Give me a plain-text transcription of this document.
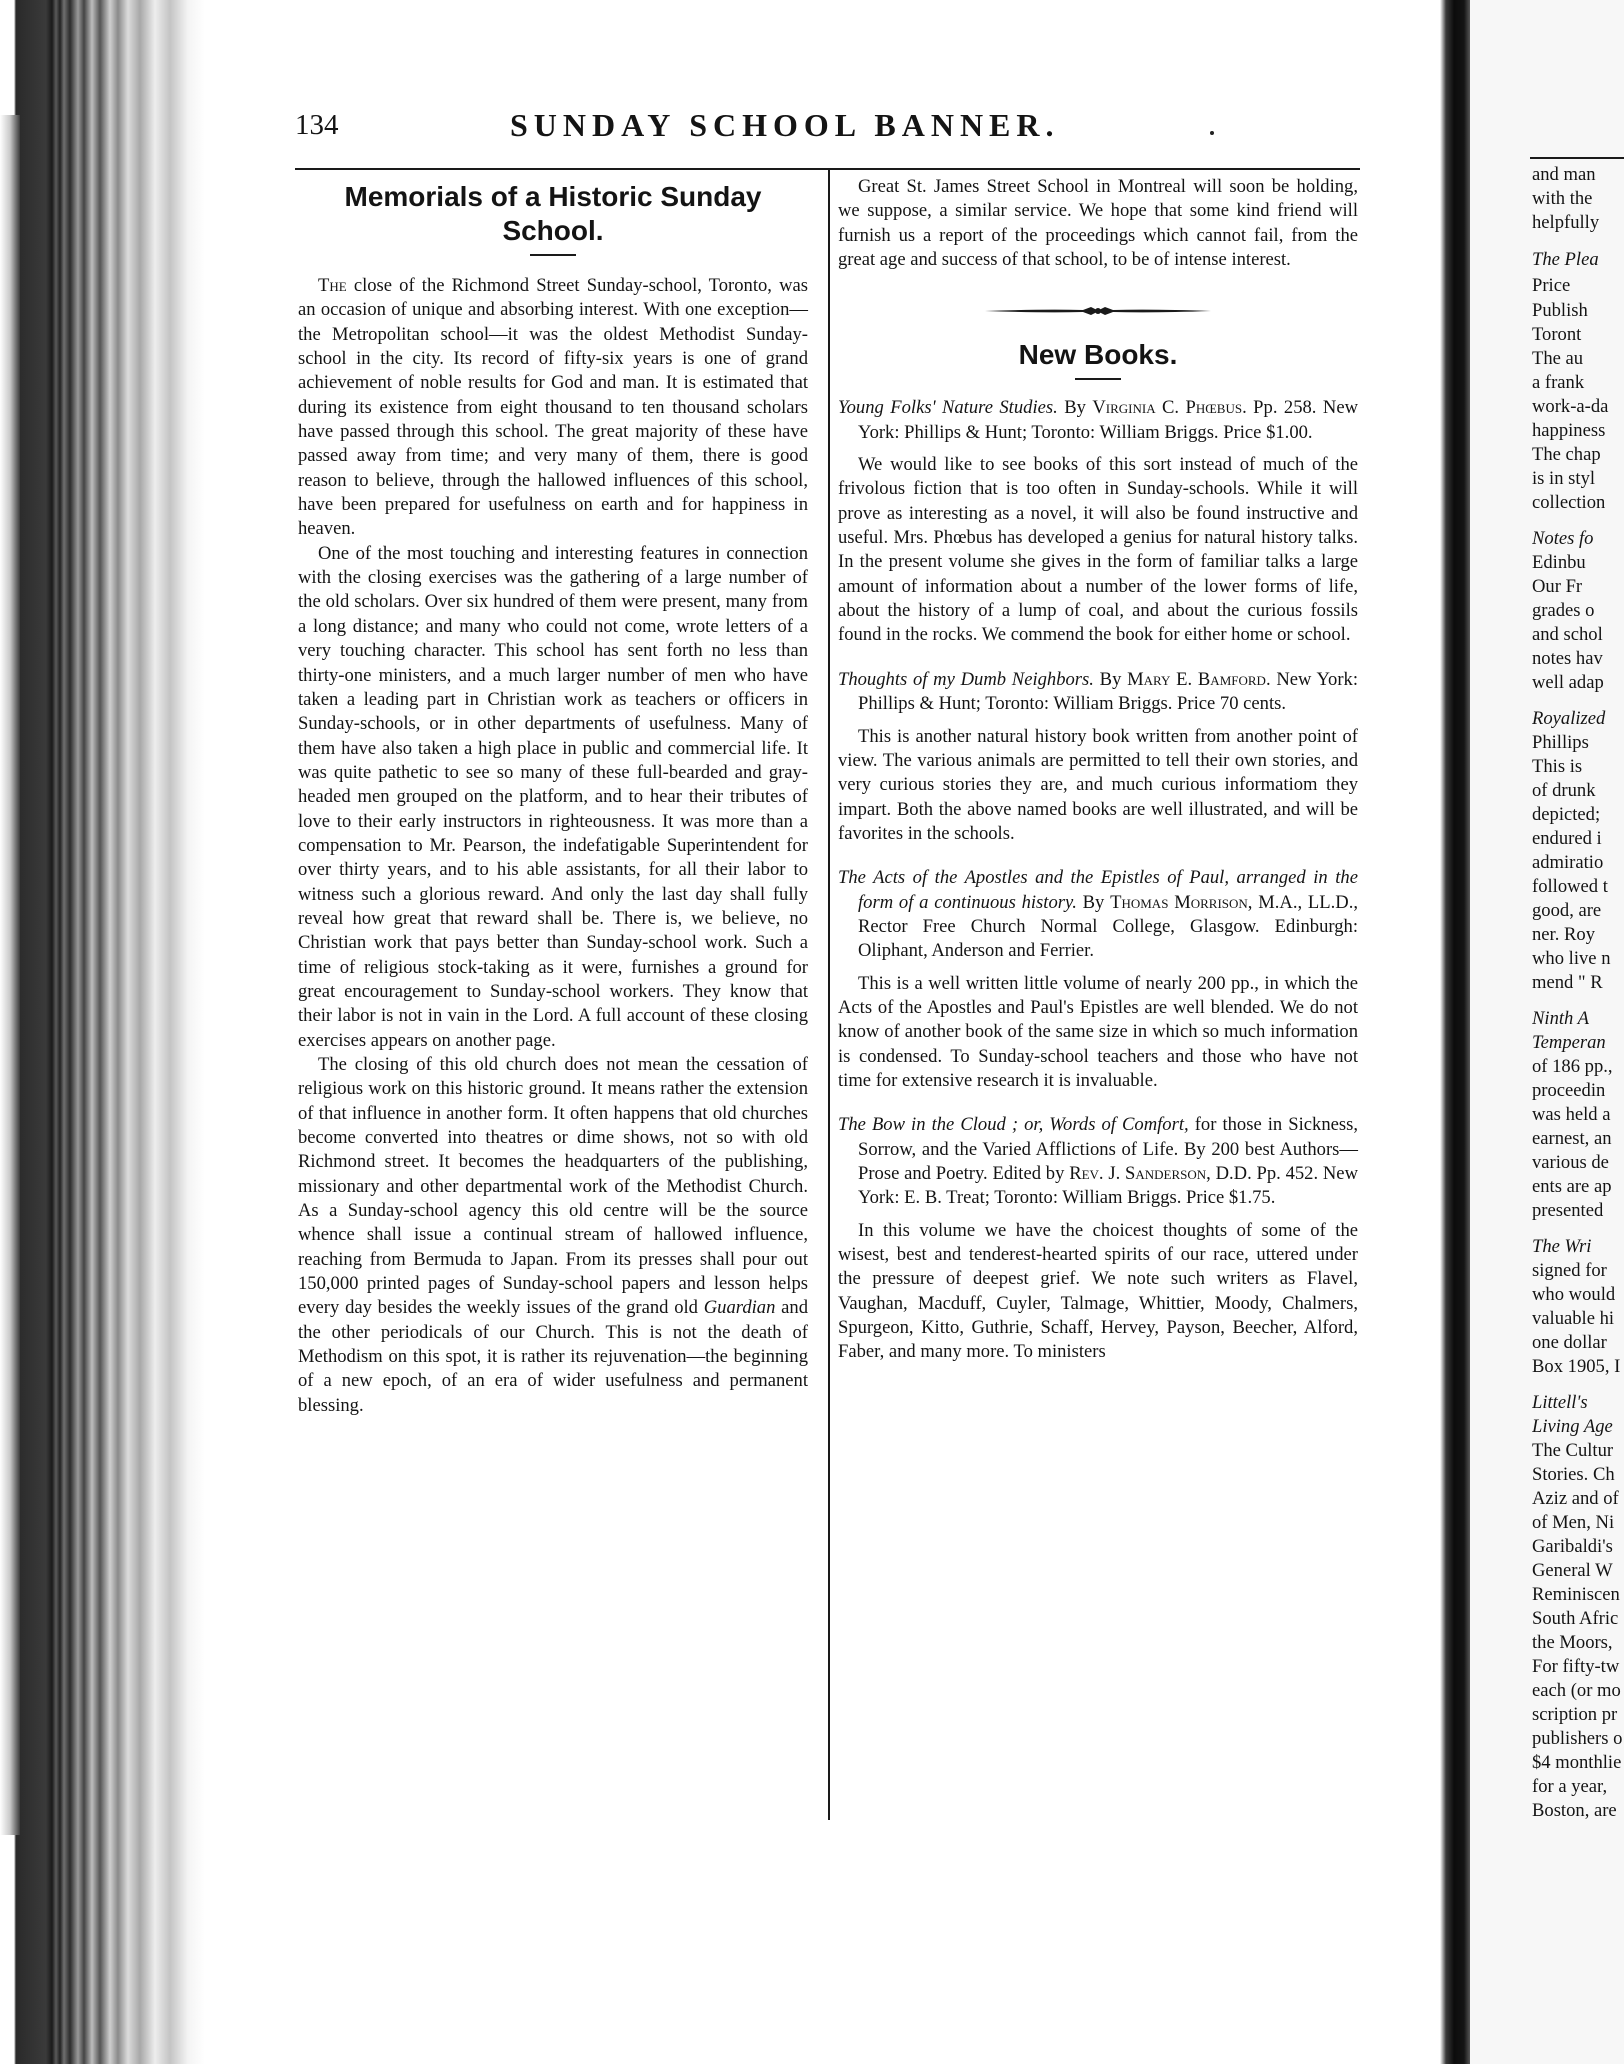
134	SUNDAY SCHOOL BANNER.
Memorials of a Historic Sunday School.

The close of the Richmond Street Sunday-school, Toronto, was an occasion of unique and absorbing interest. With one exception—the Metropolitan school—it was the oldest Methodist Sunday-school in the city. Its record of fifty-six years is one of grand achievement of noble results for God and man. It is estimated that during its existence from eight thousand to ten thousand scholars have passed through this school. The great majority of these have passed away from time; and very many of them, there is good reason to believe, through the hallowed influences of this school, have been prepared for usefulness on earth and for happiness in heaven.

One of the most touching and interesting features in connection with the closing exercises was the gathering of a large number of the old scholars. Over six hundred of them were present, many from a long distance; and many who could not come, wrote letters of a very touching character. This school has sent forth no less than thirty-one ministers, and a much larger number of men who have taken a leading part in Christian work as teachers or officers in Sunday-schools, or in other departments of usefulness. Many of them have also taken a high place in public and commercial life. It was quite pathetic to see so many of these full-bearded and gray-headed men grouped on the platform, and to hear their tributes of love to their early instructors in righteousness. It was more than a compensation to Mr. Pearson, the indefatigable Superintendent for over thirty years, and to his able assistants, for all their labor to witness such a glorious reward. And only the last day shall fully reveal how great that reward shall be. There is, we believe, no Christian work that pays better than Sunday-school work. Such a time of religious stock-taking as it were, furnishes a ground for great encouragement to Sunday-school workers. They know that their labor is not in vain in the Lord. A full account of these closing exercises appears on another page.

The closing of this old church does not mean the cessation of religious work on this historic ground. It means rather the extension of that influence in another form. It often happens that old churches become converted into theatres or dime shows, not so with old Richmond street. It becomes the headquarters of the publishing, missionary and other departmental work of the Methodist Church. As a Sunday-school agency this old centre will be the source whence shall issue a continual stream of hallowed influence, reaching from Bermuda to Japan. From its presses shall pour out 150,000 printed pages of Sunday-school papers and lesson helps every day besides the weekly issues of the grand old Guardian and the other periodicals of our Church. This is not the death of Methodism on this spot, it is rather its rejuvenation—the beginning of a new epoch, of an era of wider usefulness and permanent blessing.

Great St. James Street School in Montreal will soon be holding, we suppose, a similar service. We hope that some kind friend will furnish us a report of the proceedings which cannot fail, from the great age and success of that school, to be of intense interest.

New Books.

Young Folks' Nature Studies. By Virginia C. Phœbus. Pp. 258. New York: Phillips & Hunt; Toronto: William Briggs. Price $1.00.

We would like to see books of this sort instead of much of the frivolous fiction that is too often in Sunday-schools. While it will prove as interesting as a novel, it will also be found instructive and useful. Mrs. Phœbus has developed a genius for natural history talks. In the present volume she gives in the form of familiar talks a large amount of information about a number of the lower forms of life, about the history of a lump of coal, and about the curious fossils found in the rocks. We commend the book for either home or school.

Thoughts of my Dumb Neighbors. By Mary E. Bamford. New York: Phillips & Hunt; Toronto: William Briggs. Price 70 cents.

This is another natural history book written from another point of view. The various animals are permitted to tell their own stories, and very curious stories they are, and much curious informatiom they impart. Both the above named books are well illustrated, and will be favorites in the schools.

The Acts of the Apostles and the Epistles of Paul, arranged in the form of a continuous history. By Thomas Morrison, M.A., LL.D., Rector Free Church Normal College, Glasgow. Edinburgh: Oliphant, Anderson and Ferrier.

This is a well written little volume of nearly 200 pp., in which the Acts of the Apostles and Paul's Epistles are well blended. We do not know of another book of the same size in which so much information is condensed. To Sunday-school teachers and those who have not time for extensive research it is invaluable.

The Bow in the Cloud ; or, Words of Comfort, for those in Sickness, Sorrow, and the Varied Afflictions of Life. By 200 best Authors—Prose and Poetry. Edited by Rev. J. Sanderson, D.D. Pp. 452. New York: E. B. Treat; Toronto: William Briggs. Price $1.75.

In this volume we have the choicest thoughts of some of the wisest, best and tenderest-hearted spirits of our race, uttered under the pressure of deepest grief. We note such writers as Flavel, Vaughan, Macduff, Cuyler, Talmage, Whittier, Moody, Chalmers, Spurgeon, Kitto, Guthrie, Schaff, Hervey, Payson, Beecher, Alford, Faber, and many more. To ministers

and man
with the
helpfully
The Plea
Price
Publish
Toront
The au
a frank
work-a-da
happiness
The chap
is in styl
collection
Notes fo
Edinbu
Our Fr
grades o
and schol
notes hav
well adap
Royalized
Phillips
This is
of drunk
depicted;
endured i
admiratio
followed t
good, are
ner. Roy
who live n
mend " R
Ninth A
Temperan
of 186 pp.,
proceedin
was held a
earnest, an
various de
ents are ap
presented
The Wri
signed for
who would
valuable hi
one dollar
Box 1905, I
Littell's
Living Age
The Cultur
Stories. Ch
Aziz and of
of Men, Ni
Garibaldi's
General W
Reminiscen
South Afric
the Moors,
For fifty-tw
each (or mo
scription pr
publishers o
$4 monthlie
for a year,
Boston, are
